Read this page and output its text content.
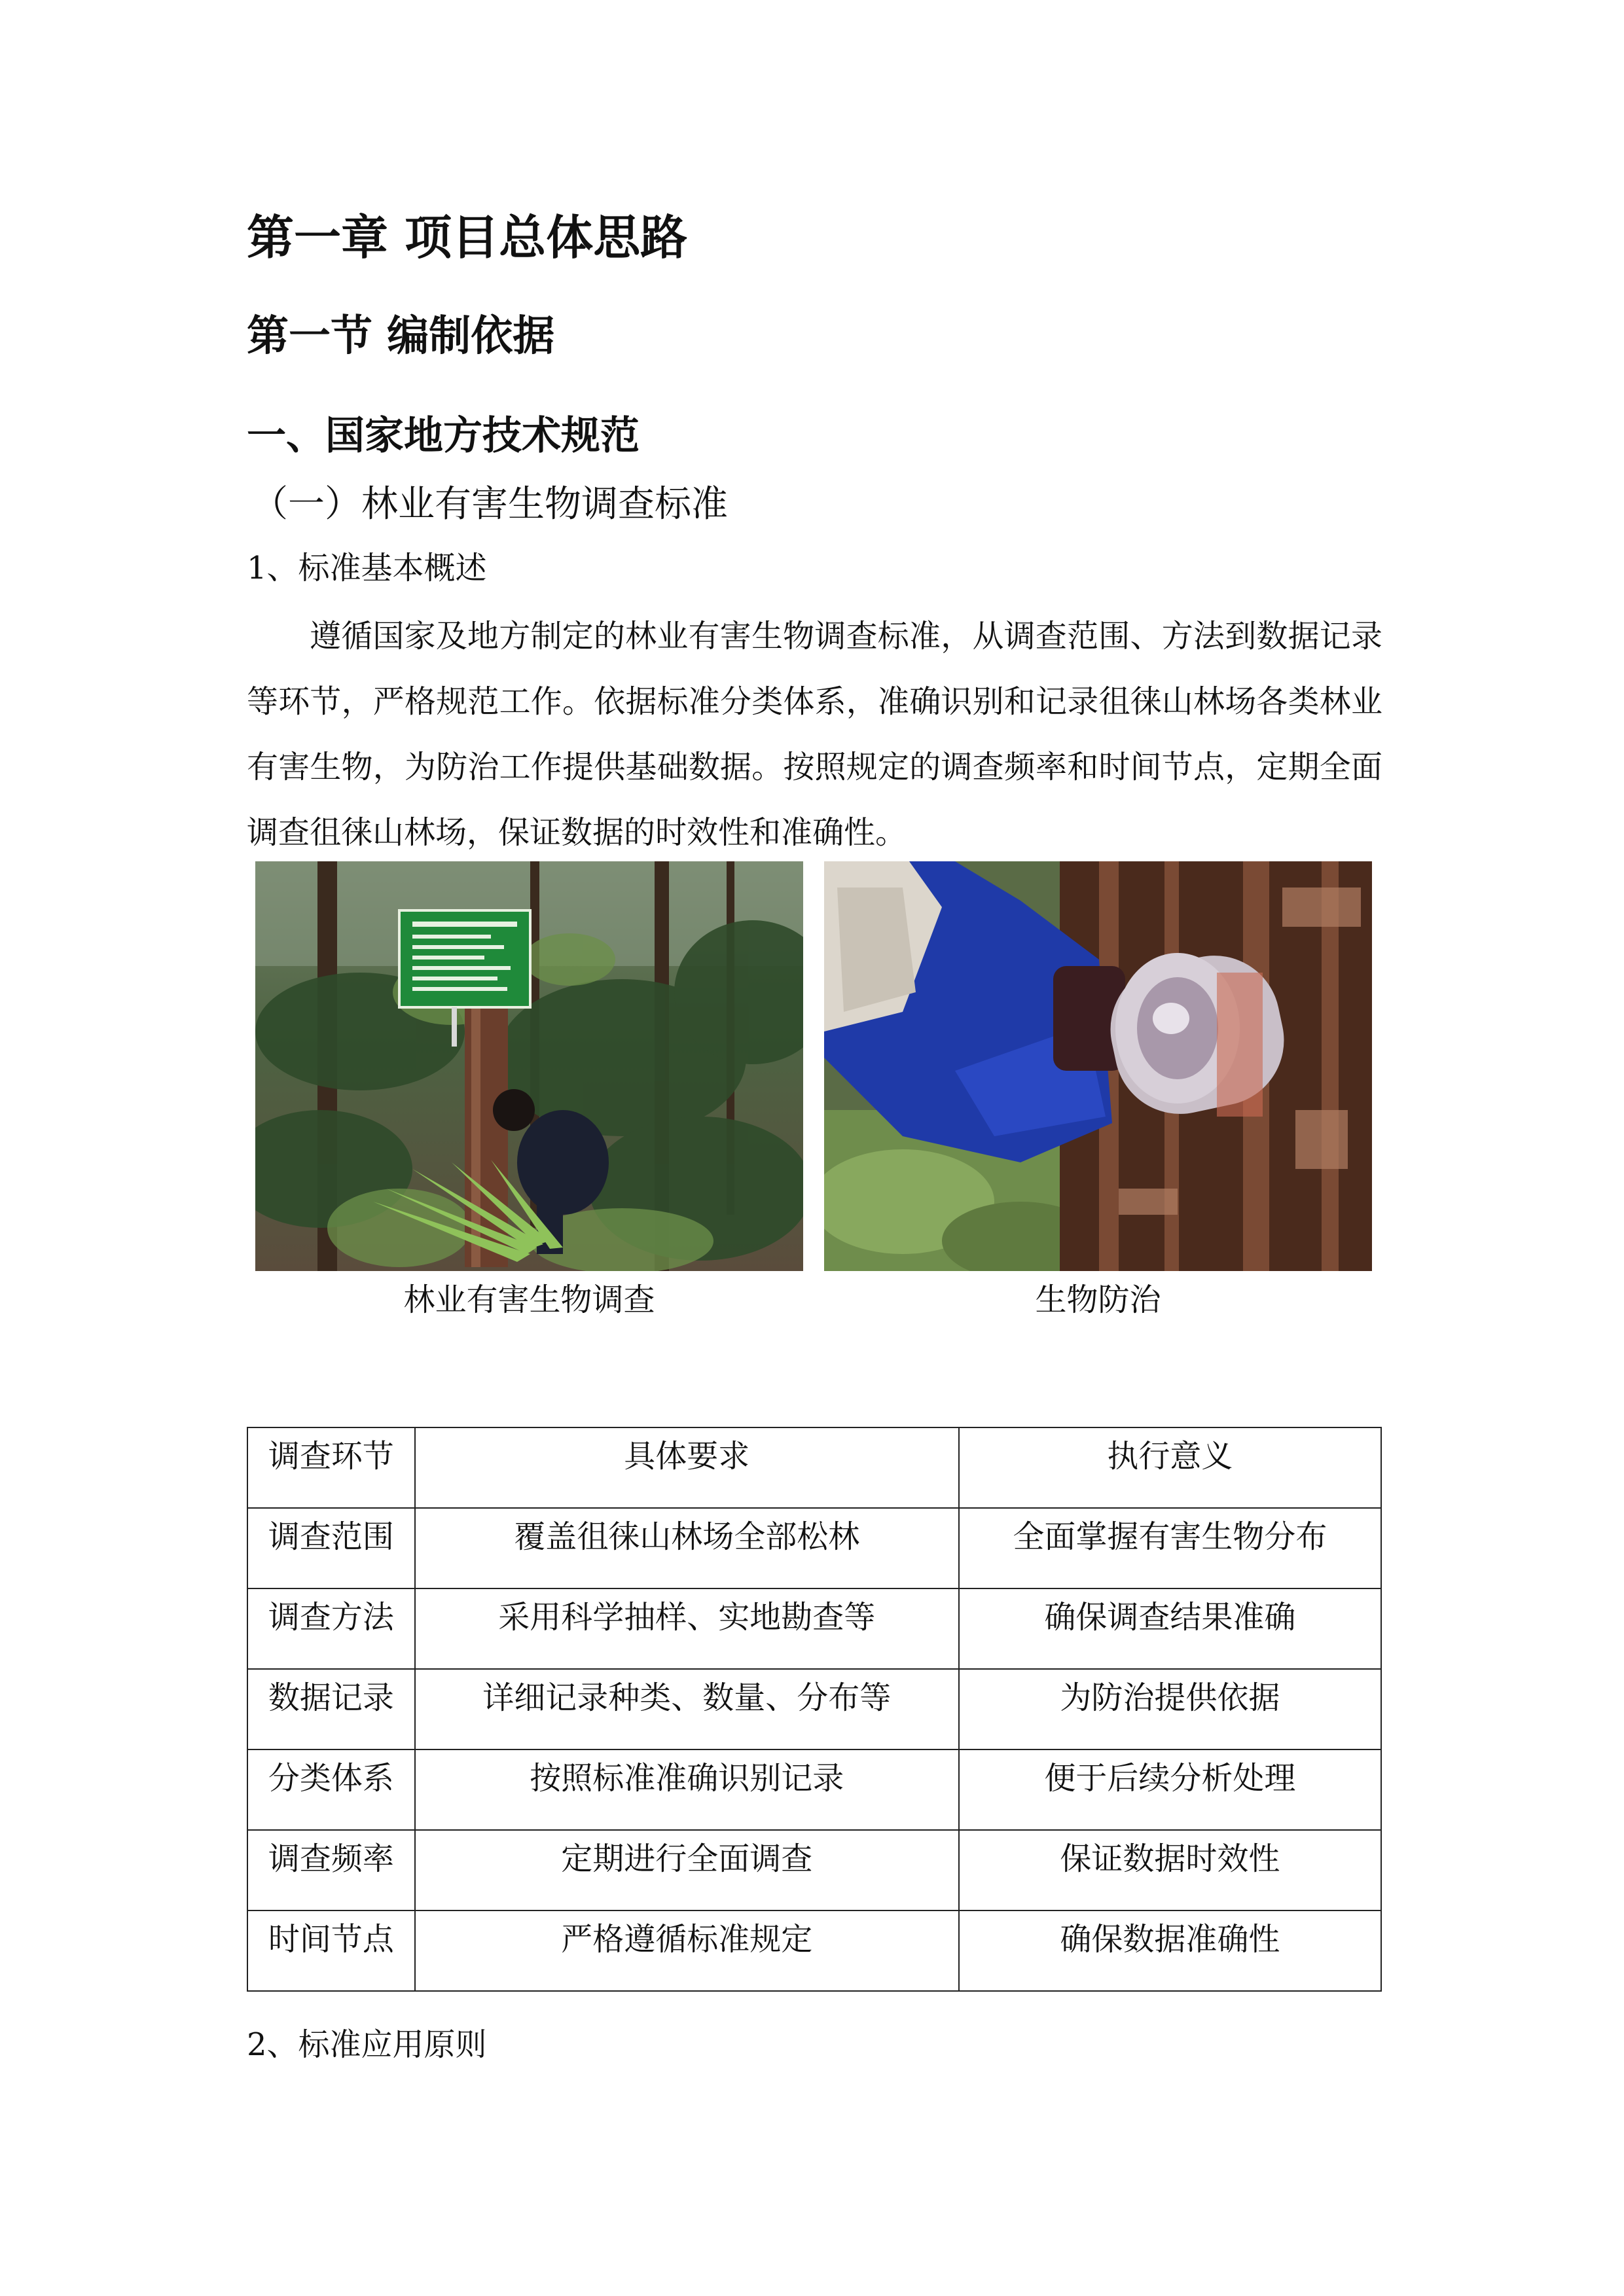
第一章 项目总体思路
第一节 编制依据
一、国家地方技术规范
（一）林业有害生物调查标准
1、标准基本概述

遵循国家及地方制定的林业有害生物调查标准，从调查范围、方法到数据记录等环节，严格规范工作。依据标准分类体系，准确识别和记录徂徕山林场各类林业有害生物，为防治工作提供基础数据。按照规定的调查频率和时间节点，定期全面调查徂徕山林场，保证数据的时效性和准确性。

林业有害生物调查	生物防治
调查环节	具体要求	执行意义
调查范围	覆盖徂徕山林场全部松林	全面掌握有害生物分布
调查方法	采用科学抽样、实地勘查等	确保调查结果准确
数据记录	详细记录种类、数量、分布等	为防治提供依据
分类体系	按照标准准确识别记录	便于后续分析处理
调查频率	定期进行全面调查	保证数据时效性
时间节点	严格遵循标准规定	确保数据准确性
2、标准应用原则
